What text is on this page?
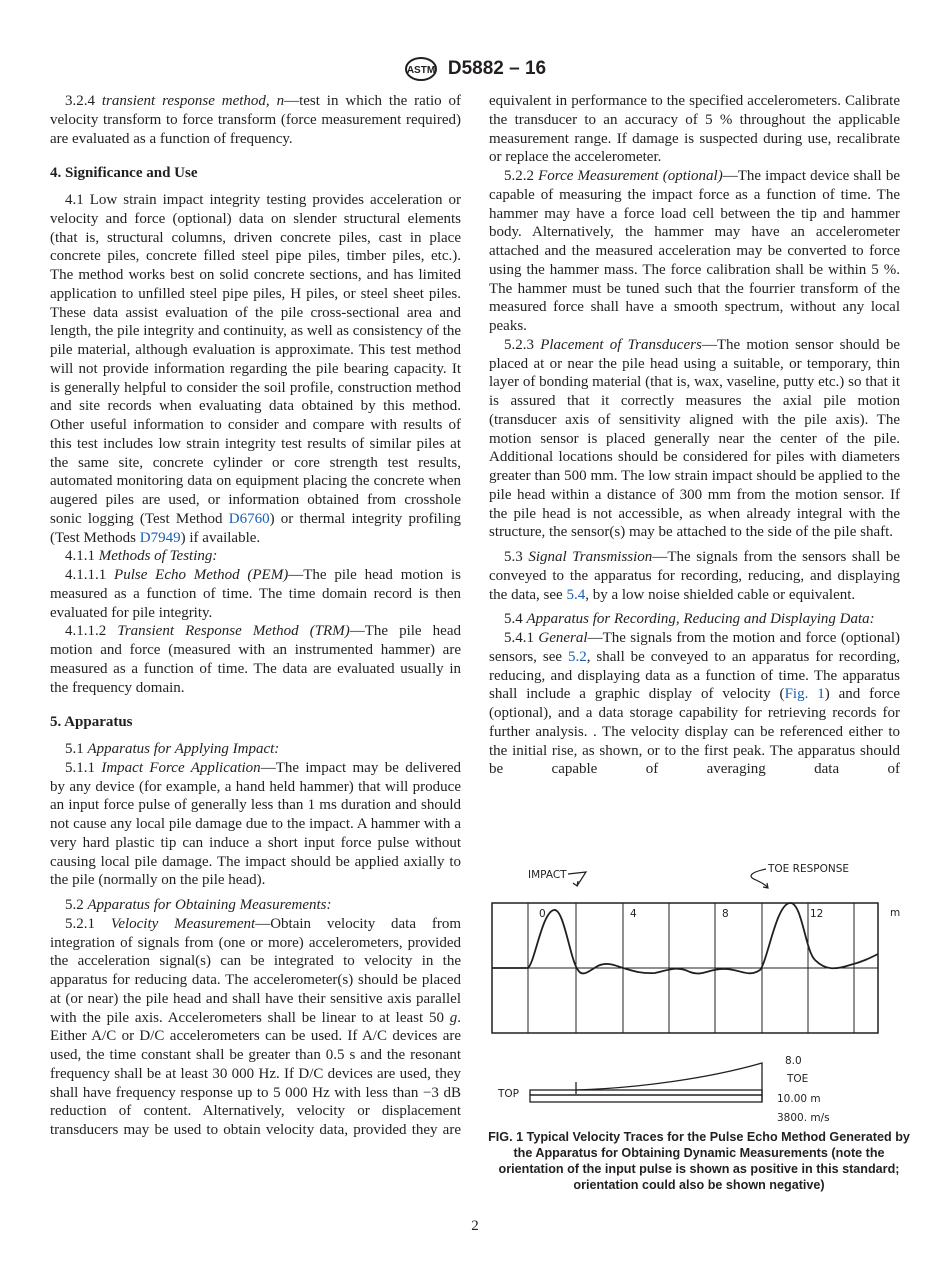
ASTM D5882 – 16

3.2.4 transient response method, n—test in which the ratio of velocity transform to force transform (force measurement required) are evaluated as a function of frequency.

4. Significance and Use

4.1 Low strain impact integrity testing provides acceleration or velocity and force (optional) data on slender structural elements (that is, structural columns, driven concrete piles, cast in place concrete piles, concrete filled steel pipe piles, timber piles, etc.). The method works best on solid concrete sections, and has limited application to unfilled steel pipe piles, H piles, or steel sheet piles. These data assist evaluation of the pile cross-sectional area and length, the pile integrity and continuity, as well as consistency of the pile material, although evaluation is approximate. This test method will not provide information regarding the pile bearing capacity. It is generally helpful to consider the soil profile, construction method and site records when evaluating data obtained by this method. Other useful information to consider and compare with results of this test includes low strain integrity test results of similar piles at the same site, concrete cylinder or core strength test results, automated monitoring data on equipment placing the concrete when augered piles are used, or information obtained from crosshole sonic logging (Test Method D6760) or thermal integrity profiling (Test Methods D7949) if available.

4.1.1 Methods of Testing:

4.1.1.1 Pulse Echo Method (PEM)—The pile head motion is measured as a function of time. The time domain record is then evaluated for pile integrity.

4.1.1.2 Transient Response Method (TRM)—The pile head motion and force (measured with an instrumented hammer) are measured as a function of time. The data are evaluated usually in the frequency domain.

5. Apparatus

5.1 Apparatus for Applying Impact:

5.1.1 Impact Force Application—The impact may be delivered by any device (for example, a hand held hammer) that will produce an input force pulse of generally less than 1 ms duration and should not cause any local pile damage due to the impact. A hammer with a very hard plastic tip can induce a short input force pulse without causing local pile damage. The impact should be applied axially to the pile (normally on the pile head).

5.2 Apparatus for Obtaining Measurements:

5.2.1 Velocity Measurement—Obtain velocity data from integration of signals from (one or more) accelerometers, provided the acceleration signal(s) can be integrated to velocity in the apparatus for reducing data. The accelerometer(s) should be placed at (or near) the pile head and shall have their sensitive axis parallel with the pile axis. Accelerometers shall be linear to at least 50 g. Either A/C or D/C accelerometers can be used. If A/C devices are used, the time constant shall be greater than 0.5 s and the resonant frequency shall be at least 30 000 Hz. If D/C devices are used, they shall have frequency response up to 5 000 Hz with less than −3 dB reduction of content. Alternatively, velocity or displacement transducers may be used to obtain velocity data, provided they are

equivalent in performance to the specified accelerometers. Calibrate the transducer to an accuracy of 5 % throughout the applicable measurement range. If damage is suspected during use, recalibrate or replace the accelerometer.

5.2.2 Force Measurement (optional)—The impact device shall be capable of measuring the impact force as a function of time. The hammer may have a force load cell between the tip and hammer body. Alternatively, the hammer may have an accelerometer attached and the measured acceleration may be converted to force using the hammer mass. The force calibration shall be within 5 %. The hammer must be tuned such that the fourrier transform of the measured force shall have a smooth spectrum, without any local peaks.

5.2.3 Placement of Transducers—The motion sensor should be placed at or near the pile head using a suitable, or temporary, thin layer of bonding material (that is, wax, vaseline, putty etc.) so that it is assured that it correctly measures the axial pile motion (transducer axis of sensitivity aligned with the pile axis). The motion sensor is placed generally near the center of the pile. Additional locations should be considered for piles with diameters greater than 500 mm. The low strain impact should be applied to the pile head within a distance of 300 mm from the motion sensor. If the pile head is not accessible, as when already integral with the structure, the sensor(s) may be attached to the side of the pile shaft.

5.3 Signal Transmission—The signals from the sensors shall be conveyed to the apparatus for recording, reducing, and displaying the data, see 5.4, by a low noise shielded cable or equivalent.

5.4 Apparatus for Recording, Reducing and Displaying Data:

5.4.1 General—The signals from the motion and force (optional) sensors, see 5.2, shall be conveyed to an apparatus for recording, reducing, and displaying data as a function of time. The apparatus shall include a graphic display of velocity (Fig. 1) and force (optional), and a data storage capability for retrieving records for further analysis. . The velocity display can be referenced either to the initial rise, as shown, or to the first peak. The apparatus should be capable of averaging data of

IMPACT	TOE RESPONSE
0	4	8	12	m
TOP
8.0
TOE
10.00 m
3800. m/s
FIG. 1 Typical Velocity Traces for the Pulse Echo Method Generated by the Apparatus for Obtaining Dynamic Measurements (note the orientation of the input pulse is shown as positive in this standard; orientation could also be shown negative)
2
